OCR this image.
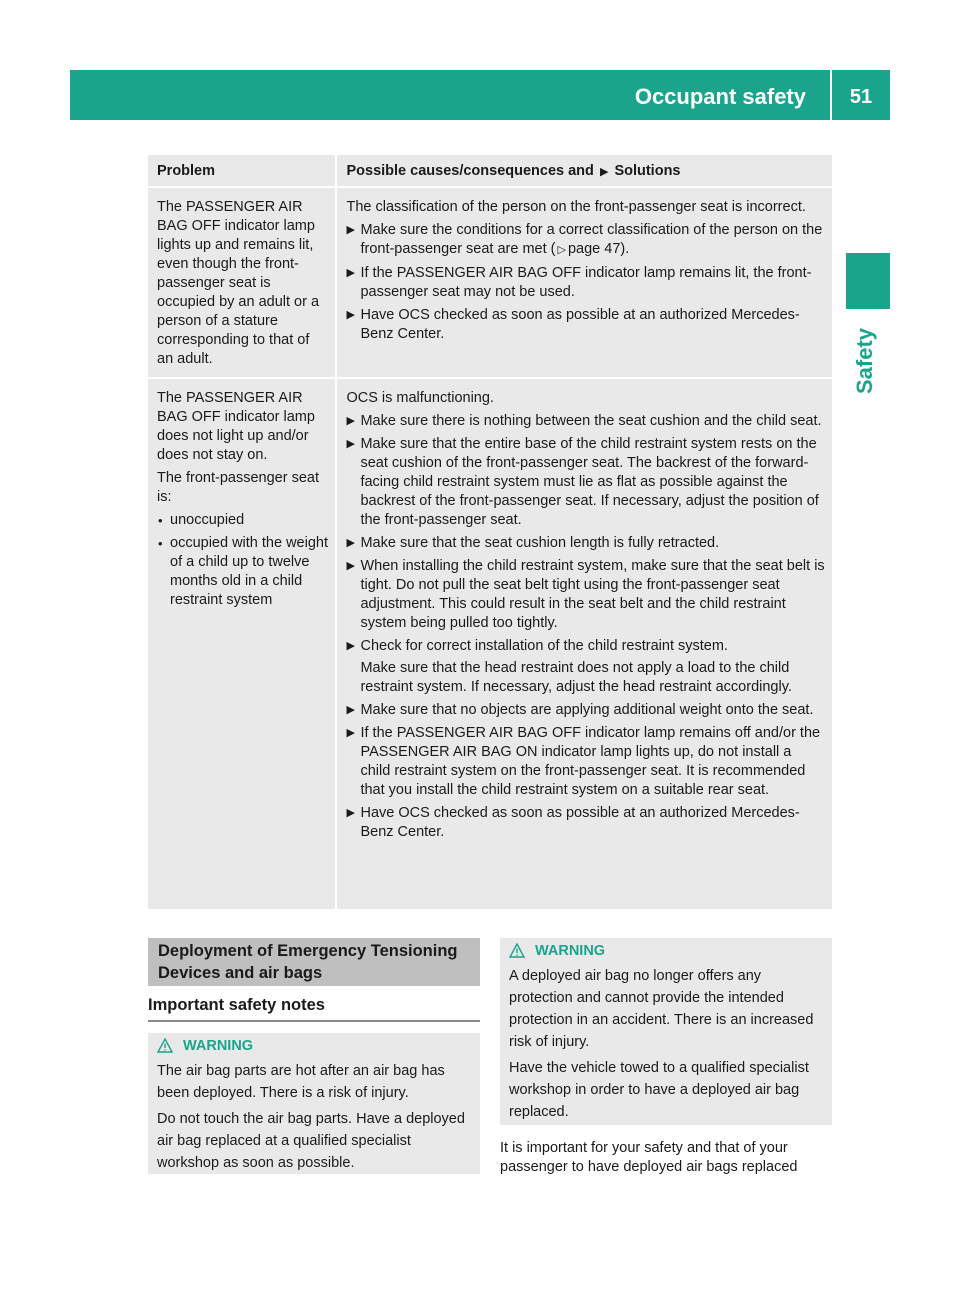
Occupant safety	51
Safety
Problem	Possible causes/consequences and ▶ Solutions

The PASSENGER AIR BAG OFF indicator lamp lights up and remains lit, even though the front-passenger seat is occupied by an adult or a person of a stature corresponding to that of an adult.

The classification of the person on the front-passenger seat is incorrect.

▶ Make sure the conditions for a correct classification of the person on the front-passenger seat are met ( ▷ page 47).
▶ If the PASSENGER AIR BAG OFF indicator lamp remains lit, the front-passenger seat may not be used.
▶ Have OCS checked as soon as possible at an authorized Mercedes-Benz Center.

The PASSENGER AIR BAG OFF indicator lamp does not light up and/or does not stay on.

The front-passenger seat is:

• unoccupied
• occupied with the weight of a child up to twelve months old in a child restraint system

OCS is malfunctioning.

▶ Make sure there is nothing between the seat cushion and the child seat.
▶ Make sure that the entire base of the child restraint system rests on the seat cushion of the front-passenger seat. The backrest of the forward-facing child restraint system must lie as flat as possible against the backrest of the front-passenger seat. If necessary, adjust the position of the front-passenger seat.
▶ Make sure that the seat cushion length is fully retracted.
▶ When installing the child restraint system, make sure that the seat belt is tight. Do not pull the seat belt tight using the front-passenger seat adjustment. This could result in the seat belt and the child restraint system being pulled too tightly.
▶ Check for correct installation of the child restraint system.
Make sure that the head restraint does not apply a load to the child restraint system. If necessary, adjust the head restraint accordingly.
▶ Make sure that no objects are applying additional weight onto the seat.
▶ If the PASSENGER AIR BAG OFF indicator lamp remains off and/or the PASSENGER AIR BAG ON indicator lamp lights up, do not install a child restraint system on the front-passenger seat. It is recommended that you install the child restraint system on a suitable rear seat.
▶ Have OCS checked as soon as possible at an authorized Mercedes-Benz Center.
Deployment of Emergency Tensioning Devices and air bags
Important safety notes
WARNING

The air bag parts are hot after an air bag has been deployed. There is a risk of injury.

Do not touch the air bag parts. Have a deployed air bag replaced at a qualified specialist workshop as soon as possible.

WARNING

A deployed air bag no longer offers any protection and cannot provide the intended protection in an accident. There is an increased risk of injury.

Have the vehicle towed to a qualified specialist workshop in order to have a deployed air bag replaced.

It is important for your safety and that of your passenger to have deployed air bags replaced
